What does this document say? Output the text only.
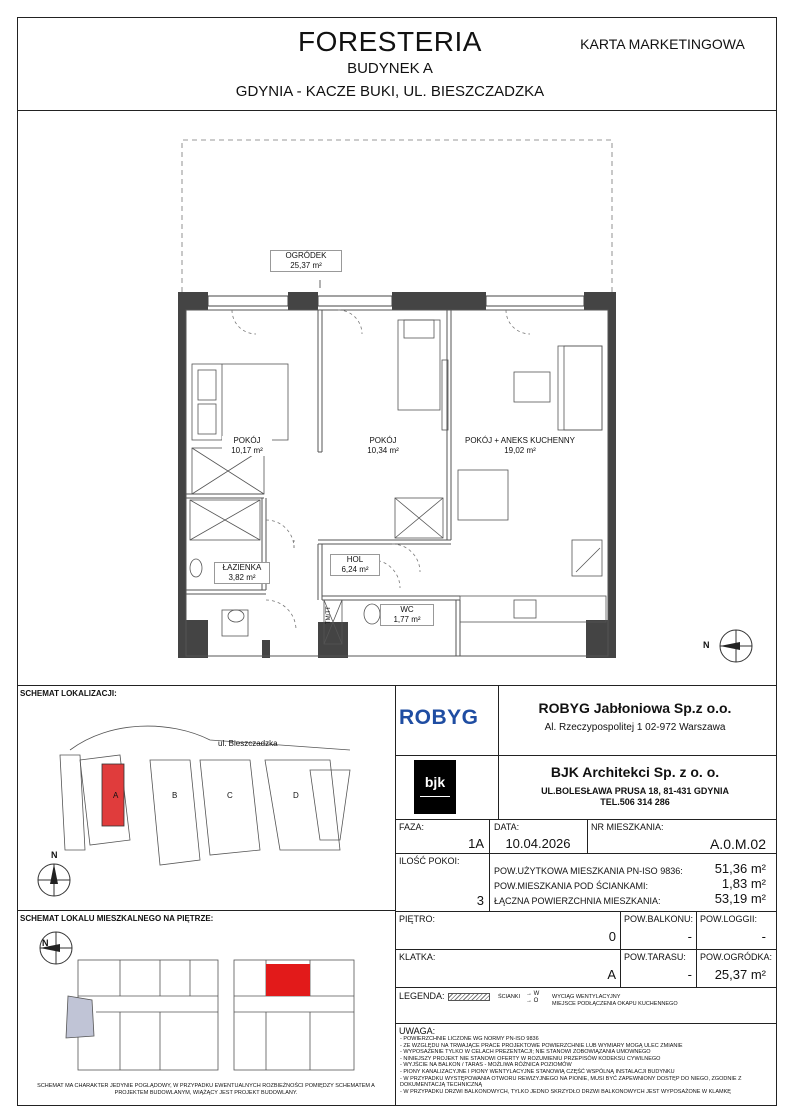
FORESTERIA
BUDYNEK A
GDYNIA - KACZE BUKI, UL. BIESZCZADZKA
KARTA MARKETINGOWA
OGRÓDEK
25,37 m²
POKÓJ
10,17 m²
POKÓJ
10,34 m²
POKÓJ + ANEKS KUCHENNY
19,02 m²
ŁAZIENKA
3,82 m²
HOL
6,24 m²
WC
1,77 m²
TM/TT
N
SCHEMAT LOKALIZACJI:
ul. Bieszczadzka
A	B	C	D
N
SCHEMAT LOKALU MIESZKALNEGO NA PIĘTRZE:
N
SCHEMAT MA CHARAKTER JEDYNIE POGLĄDOWY, W PRZYPADKU EWENTUALNYCH ROZBIEŻNOŚCI POMIĘDZY SCHEMATEM A PROJEKTEM BUDOWLANYM, WIĄŻĄCY JEST PROJEKT BUDOWLANY.
ROBYG	ROBYG Jabłoniowa Sp.z o.o.
Al. Rzeczypospolitej 1 02-972 Warszawa
bjk
BJK Architekci Sp. z o. o.
UL.BOLESŁAWA PRUSA 18, 81-431 GDYNIA
TEL.506 314 286
FAZA:
1A
DATA:
10.04.2026
NR MIESZKANIA:
A.0.M.02
ILOŚĆ POKOI:
3
POW.UŻYTKOWA MIESZKANIA PN-ISO 9836:	51,36 m²
POW.MIESZKANIA POD ŚCIANKAMI:	1,83 m²
ŁĄCZNA POWIERZCHNIA MIESZKANIA:	53,19 m²
PIĘTRO:
0
POW.BALKONU:
-
POW.LOGGII:
-
KLATKA:
A
POW.TARASU:
-
POW.OGRÓDKA:
25,37 m²
LEGENDA:	ŚCIANKI → W
→ O
WYCIĄG WENTYLACYJNY
MIEJSCE PODŁĄCZENIA OKAPU KUCHENNEGO
UWAGA:
- POWIERZCHNIE LICZONE WG NORMY PN-ISO 9836
- ZE WZGLĘDU NA TRWAJĄCE PRACE PROJEKTOWE POWIERZCHNIE LUB WYMIARY MOGĄ ULEC ZMIANIE
- WYPOSAŻENIE TYLKO W CELACH PREZENTACJI; NIE STANOWI ZOBOWIĄZANIA UMOWNEGO
- NINIEJSZY PROJEKT NIE STANOWI OFERTY W ROZUMIENIU PRZEPISÓW KODEKSU CYWILNEGO
- WYJŚCIE NA BALKON / TARAS - MOŻLIWA RÓŻNICA POZIOMÓW
- PIONY KANALIZACYJNE I PIONY WENTYLACYJNE STANOWIĄ CZĘŚĆ WSPÓLNĄ INSTALACJI BUDYNKU
- W PRZYPADKU WYSTĘPOWANIA OTWORU REWIZYJNEGO NA PIONIE, MUSI BYĆ ZAPEWNIONY DOSTĘP DO NIEGO, ZGODNIE Z DOKUMENTACJĄ TECHNICZNĄ
- W PRZYPADKU DRZWI BALKONOWYCH, TYLKO JEDNO SKRZYDŁO DRZWI BALKONOWYCH JEST WYPOSAŻONE W KLAMKĘ
